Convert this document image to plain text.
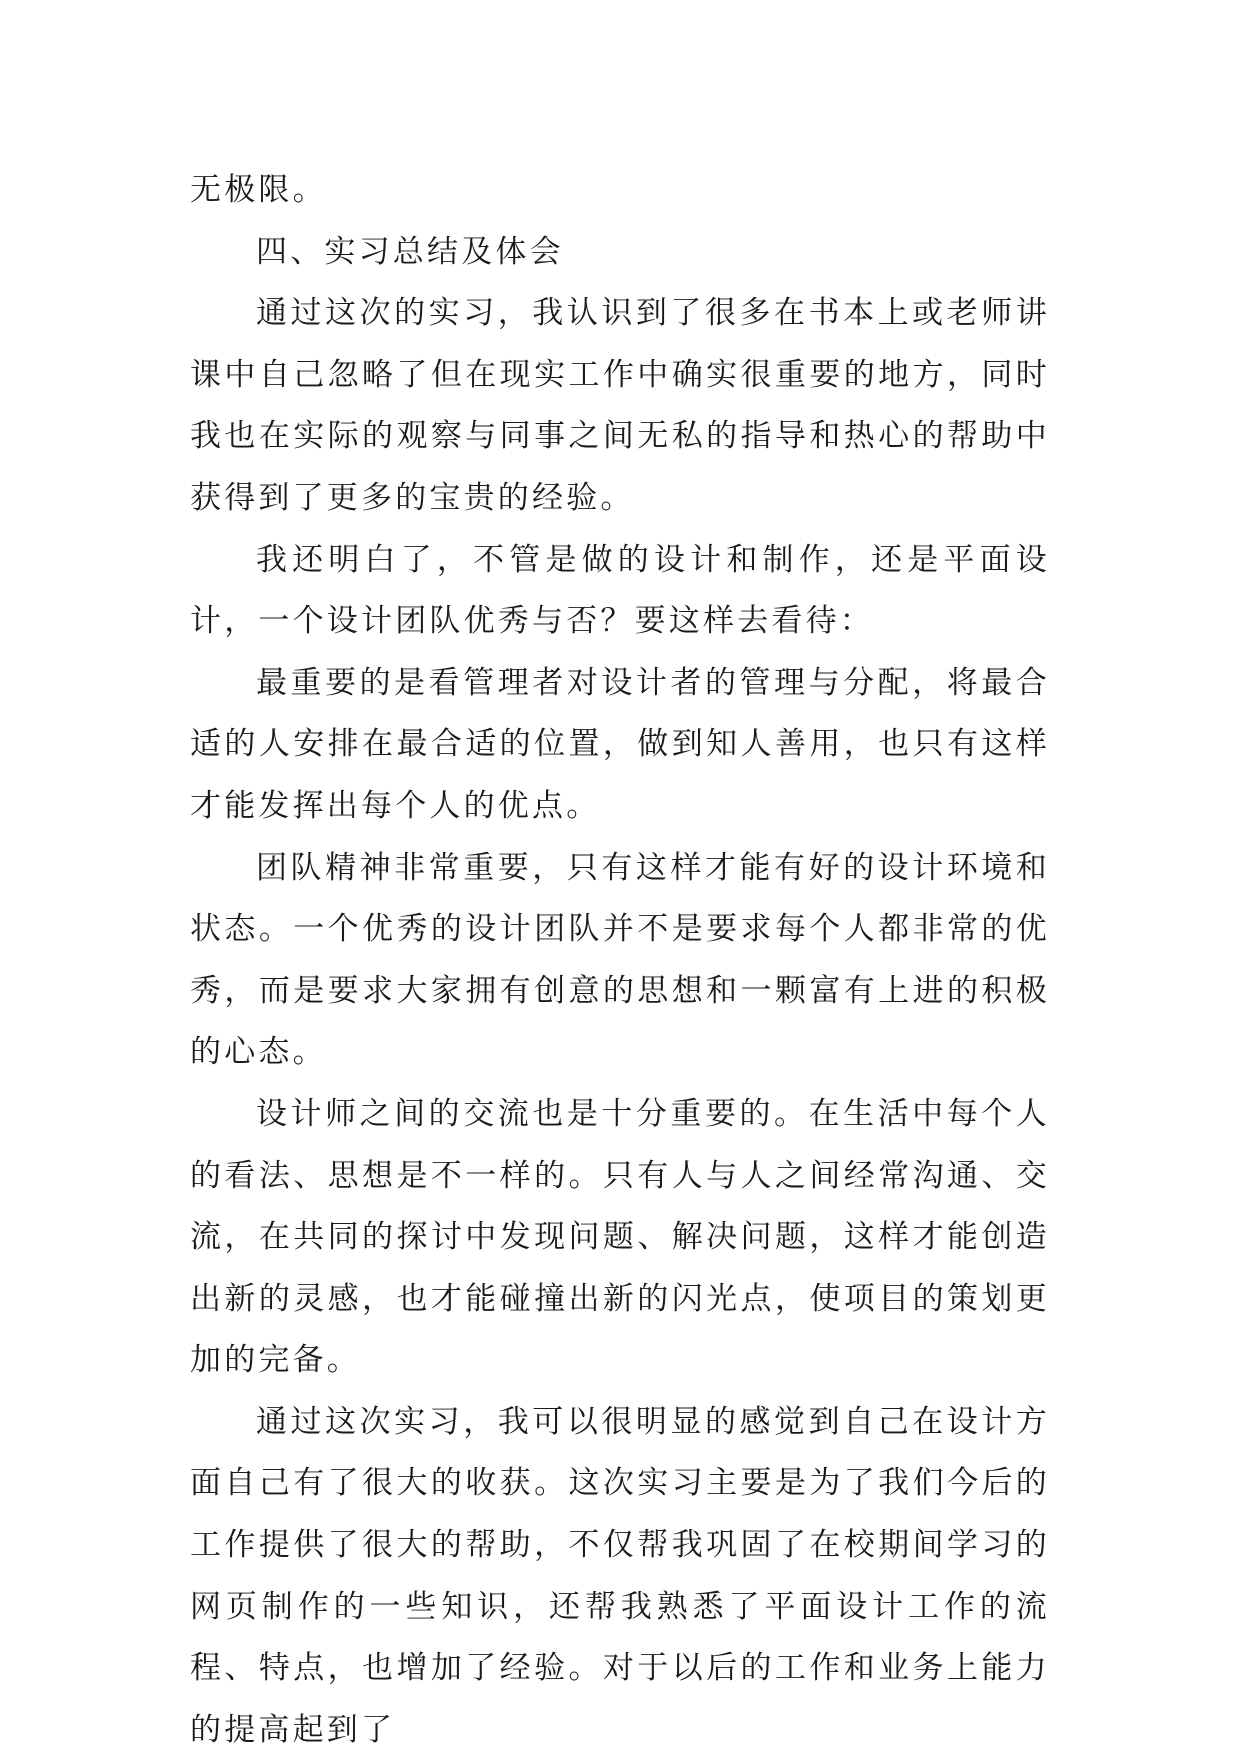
无极限。

四、实习总结及体会

通过这次的实习，我认识到了很多在书本上或老师讲课中自己忽略了但在现实工作中确实很重要的地方，同时我也在实际的观察与同事之间无私的指导和热心的帮助中获得到了更多的宝贵的经验。

我还明白了，不管是做的设计和制作，还是平面设计，一个设计团队优秀与否？要这样去看待：

最重要的是看管理者对设计者的管理与分配，将最合适的人安排在最合适的位置，做到知人善用，也只有这样才能发挥出每个人的优点。

团队精神非常重要，只有这样才能有好的设计环境和状态。一个优秀的设计团队并不是要求每个人都非常的优秀，而是要求大家拥有创意的思想和一颗富有上进的积极的心态。

设计师之间的交流也是十分重要的。在生活中每个人的看法、思想是不一样的。只有人与人之间经常沟通、交流，在共同的探讨中发现问题、解决问题，这样才能创造出新的灵感，也才能碰撞出新的闪光点，使项目的策划更加的完备。

通过这次实习，我可以很明显的感觉到自己在设计方面自己有了很大的收获。这次实习主要是为了我们今后的工作提供了很大的帮助，不仅帮我巩固了在校期间学习的网页制作的一些知识，还帮我熟悉了平面设计工作的流程、特点，也增加了经验。对于以后的工作和业务上能力的提高起到了
